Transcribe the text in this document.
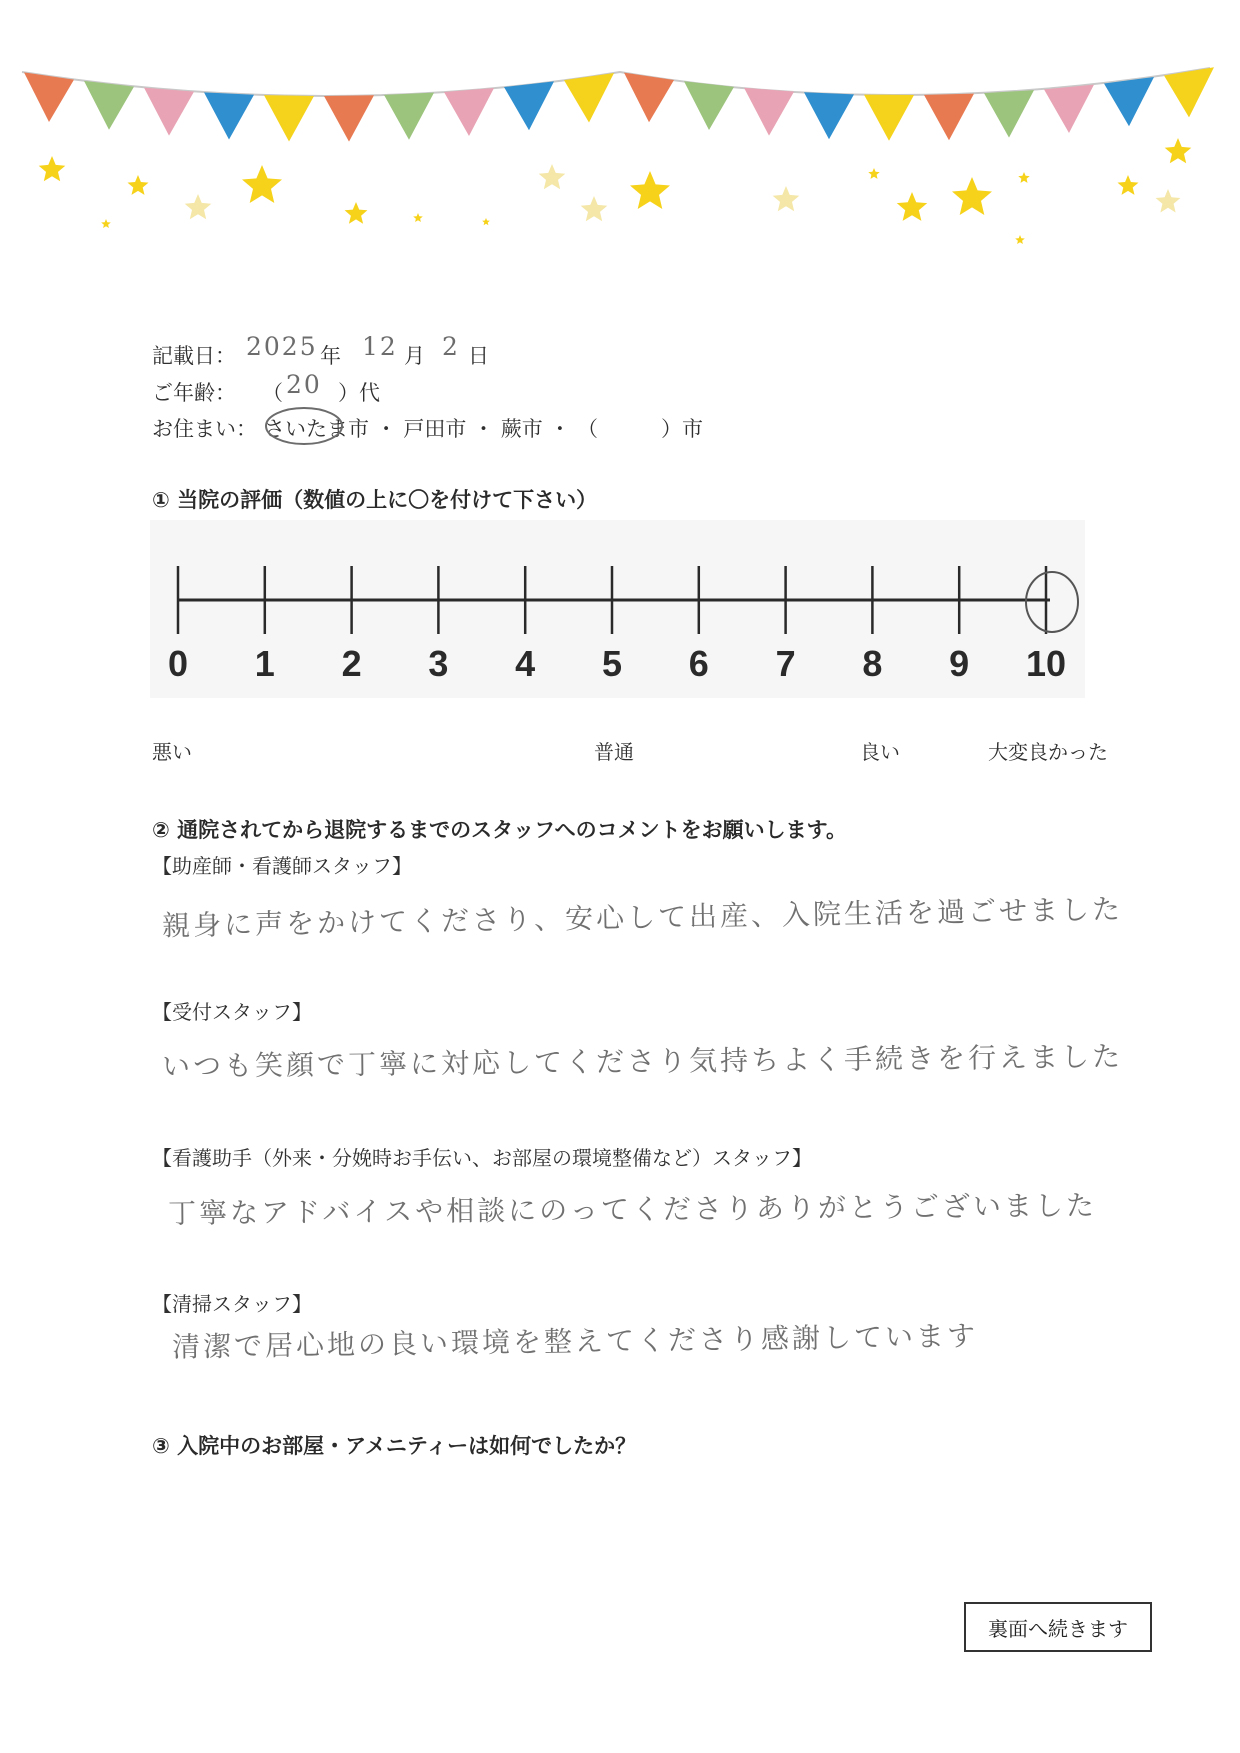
記載日： 2025 年 12 月 2 日
ご年齢： （ 20 ）代
お住まい： さいたま市 ・ 戸田市 ・ 蕨市 ・ （　　　）市
① 当院の評価（数値の上に〇を付けて下さい）
0 1 2 3 4 5 6 7 8 9 10
悪い	普通	良い	大変良かった
② 通院されてから退院するまでのスタッフへのコメントをお願いします。
【助産師・看護師スタッフ】
親身に声をかけてくださり、安心して出産、入院生活を過ごせました
【受付スタッフ】
いつも笑顔で丁寧に対応してくださり気持ちよく手続きを行えました
【看護助手（外来・分娩時お手伝い、お部屋の環境整備など）スタッフ】
丁寧なアドバイスや相談にのってくださりありがとうございました
【清掃スタッフ】
清潔で居心地の良い環境を整えてくださり感謝しています
③ 入院中のお部屋・アメニティーは如何でしたか？
裏面へ続きます
